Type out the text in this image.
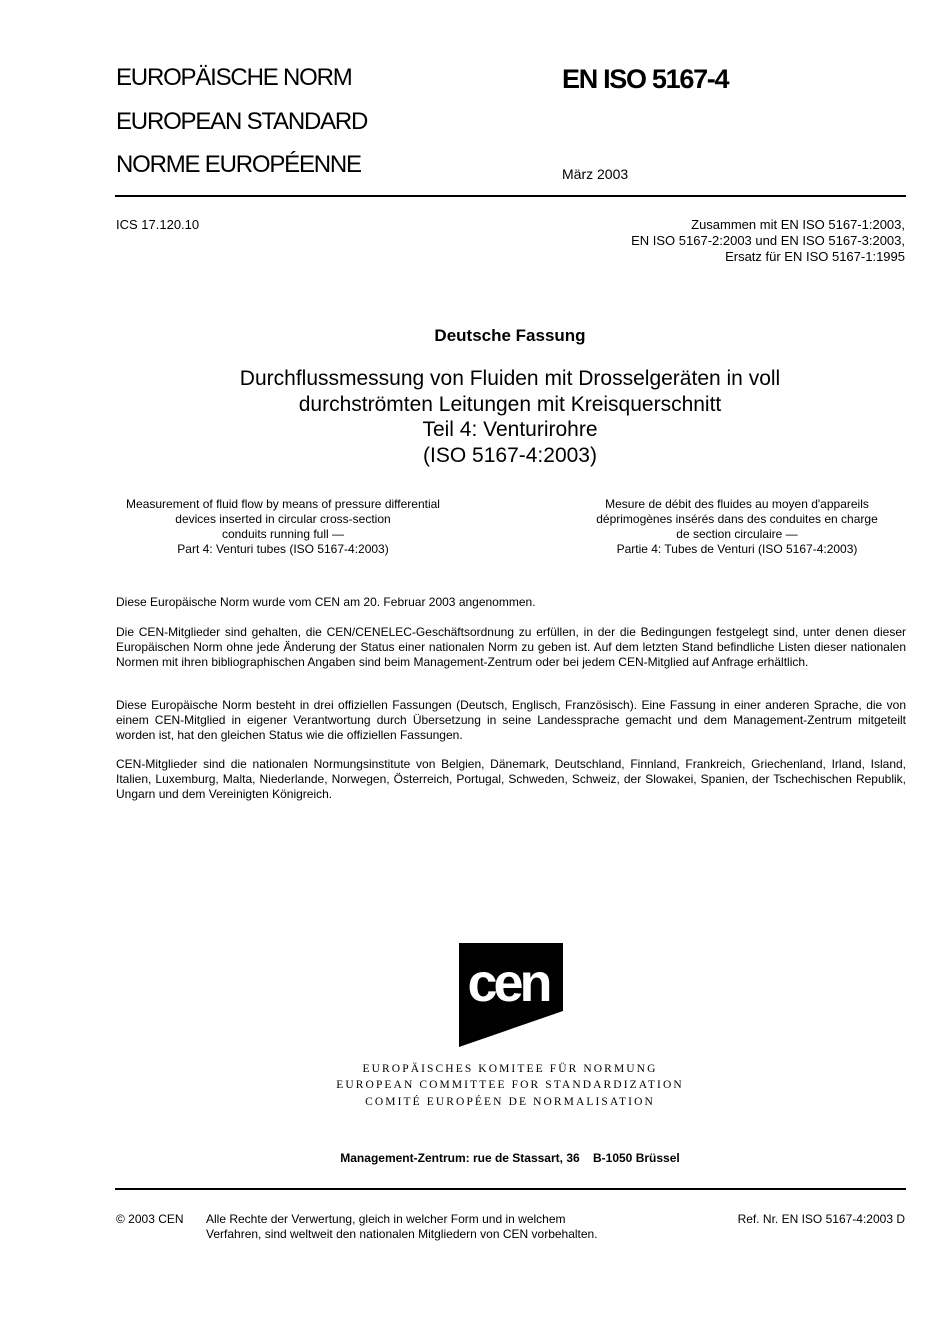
EUROPÄISCHE NORM
EUROPEAN STANDARD
NORME EUROPÉENNE
EN ISO 5167-4
März 2003
ICS 17.120.10	Zusammen mit EN ISO 5167-1:2003,
EN ISO 5167-2:2003 und EN ISO 5167-3:2003,
Ersatz für EN ISO 5167-1:1995
Deutsche Fassung
Durchflussmessung von Fluiden mit Drosselgeräten in voll
durchströmten Leitungen mit Kreisquerschnitt
Teil 4: Venturirohre
(ISO 5167-4:2003)
Measurement of fluid flow by means of pressure differential
devices inserted in circular cross-section
conduits running full —
Part 4: Venturi tubes (ISO 5167-4:2003)
Mesure de débit des fluides au moyen d'appareils
déprimogènes insérés dans des conduites en charge
de section circulaire —
Partie 4: Tubes de Venturi (ISO 5167-4:2003)

Diese Europäische Norm wurde vom CEN am 20. Februar 2003 angenommen.

Die CEN-Mitglieder sind gehalten, die CEN/CENELEC-Geschäftsordnung zu erfüllen, in der die Bedingungen festgelegt sind, unter denen dieser Europäischen Norm ohne jede Änderung der Status einer nationalen Norm zu geben ist. Auf dem letzten Stand befindliche Listen dieser nationalen Normen mit ihren bibliographischen Angaben sind beim Management-Zentrum oder bei jedem CEN-Mitglied auf Anfrage erhältlich.

Diese Europäische Norm besteht in drei offiziellen Fassungen (Deutsch, Englisch, Französisch). Eine Fassung in einer anderen Sprache, die von einem CEN-Mitglied in eigener Verantwortung durch Übersetzung in seine Landessprache gemacht und dem Management-Zentrum mitgeteilt worden ist, hat den gleichen Status wie die offiziellen Fassungen.

CEN-Mitglieder sind die nationalen Normungsinstitute von Belgien, Dänemark, Deutschland, Finnland, Frankreich, Griechenland, Irland, Island, Italien, Luxemburg, Malta, Niederlande, Norwegen, Österreich, Portugal, Schweden, Schweiz, der Slowakei, Spanien, der Tschechischen Republik, Ungarn und dem Vereinigten Königreich.

cen
EUROPÄISCHES KOMITEE FÜR NORMUNG
EUROPEAN COMMITTEE FOR STANDARDIZATION
COMITÉ EUROPÉEN DE NORMALISATION
Management-Zentrum: rue de Stassart, 36    B-1050 Brüssel
© 2003 CEN Alle Rechte der Verwertung, gleich in welcher Form und in welchem
Verfahren, sind weltweit den nationalen Mitgliedern von CEN vorbehalten.
Ref. Nr. EN ISO 5167-4:2003 D
